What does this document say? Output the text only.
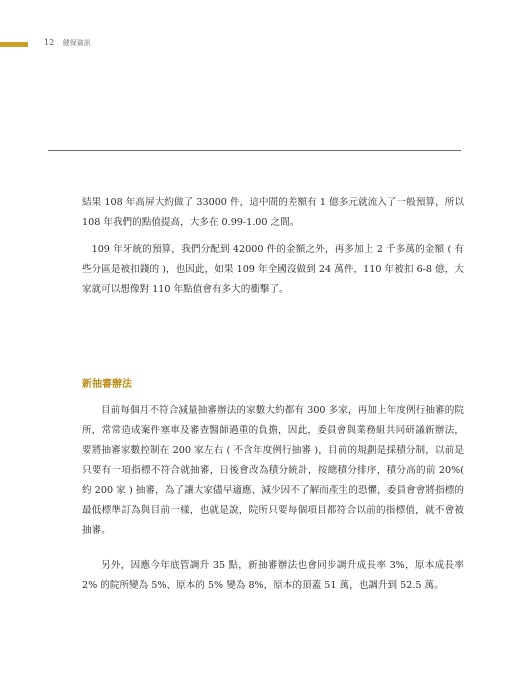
12 健保資訊

結果 108 年高屏大約做了 33000 件，這中間的差額有 1 億多元就流入了一般預算，所以 108 年我們的點值提高，大多在 0.99-1.00 之間。

109 年牙統的預算，我們分配到 42000 件的金額之外，再多加上 2 千多萬的金額 ( 有些分區是被扣錢的 )，也因此，如果 109 年全國沒做到 24 萬件，110 年被扣 6-8 億，大家就可以想像對 110 年點值會有多大的衝擊了。

新抽審辦法

目前每個月不符合減量抽審辦法的家數大約都有 300 多家，再加上年度例行抽審的院所，常常造成案件塞車及審查醫師過重的負擔，因此，委員會與業務組共同研議新辦法，要將抽審家數控制在 200 家左右 ( 不含年度例行抽審 )，目前的規劃是採積分制，以前是只要有一項指標不符合就抽審，日後會改為積分統計，按總積分排序，積分高的前 20%( 約 200 家 ) 抽審，為了讓大家儘早適應、減少因不了解而產生的恐懼，委員會會將指標的最低標準訂為與目前一樣，也就是說，院所只要每個項目都符合以前的指標值，就不會被抽審。

另外，因應今年底管調升 35 點，新抽審辦法也會同步調升成長率 3%，原本成長率 2% 的院所變為 5%、原本的 5% 變為 8%，原本的頂蓋 51 萬，也調升到 52.5 萬。
